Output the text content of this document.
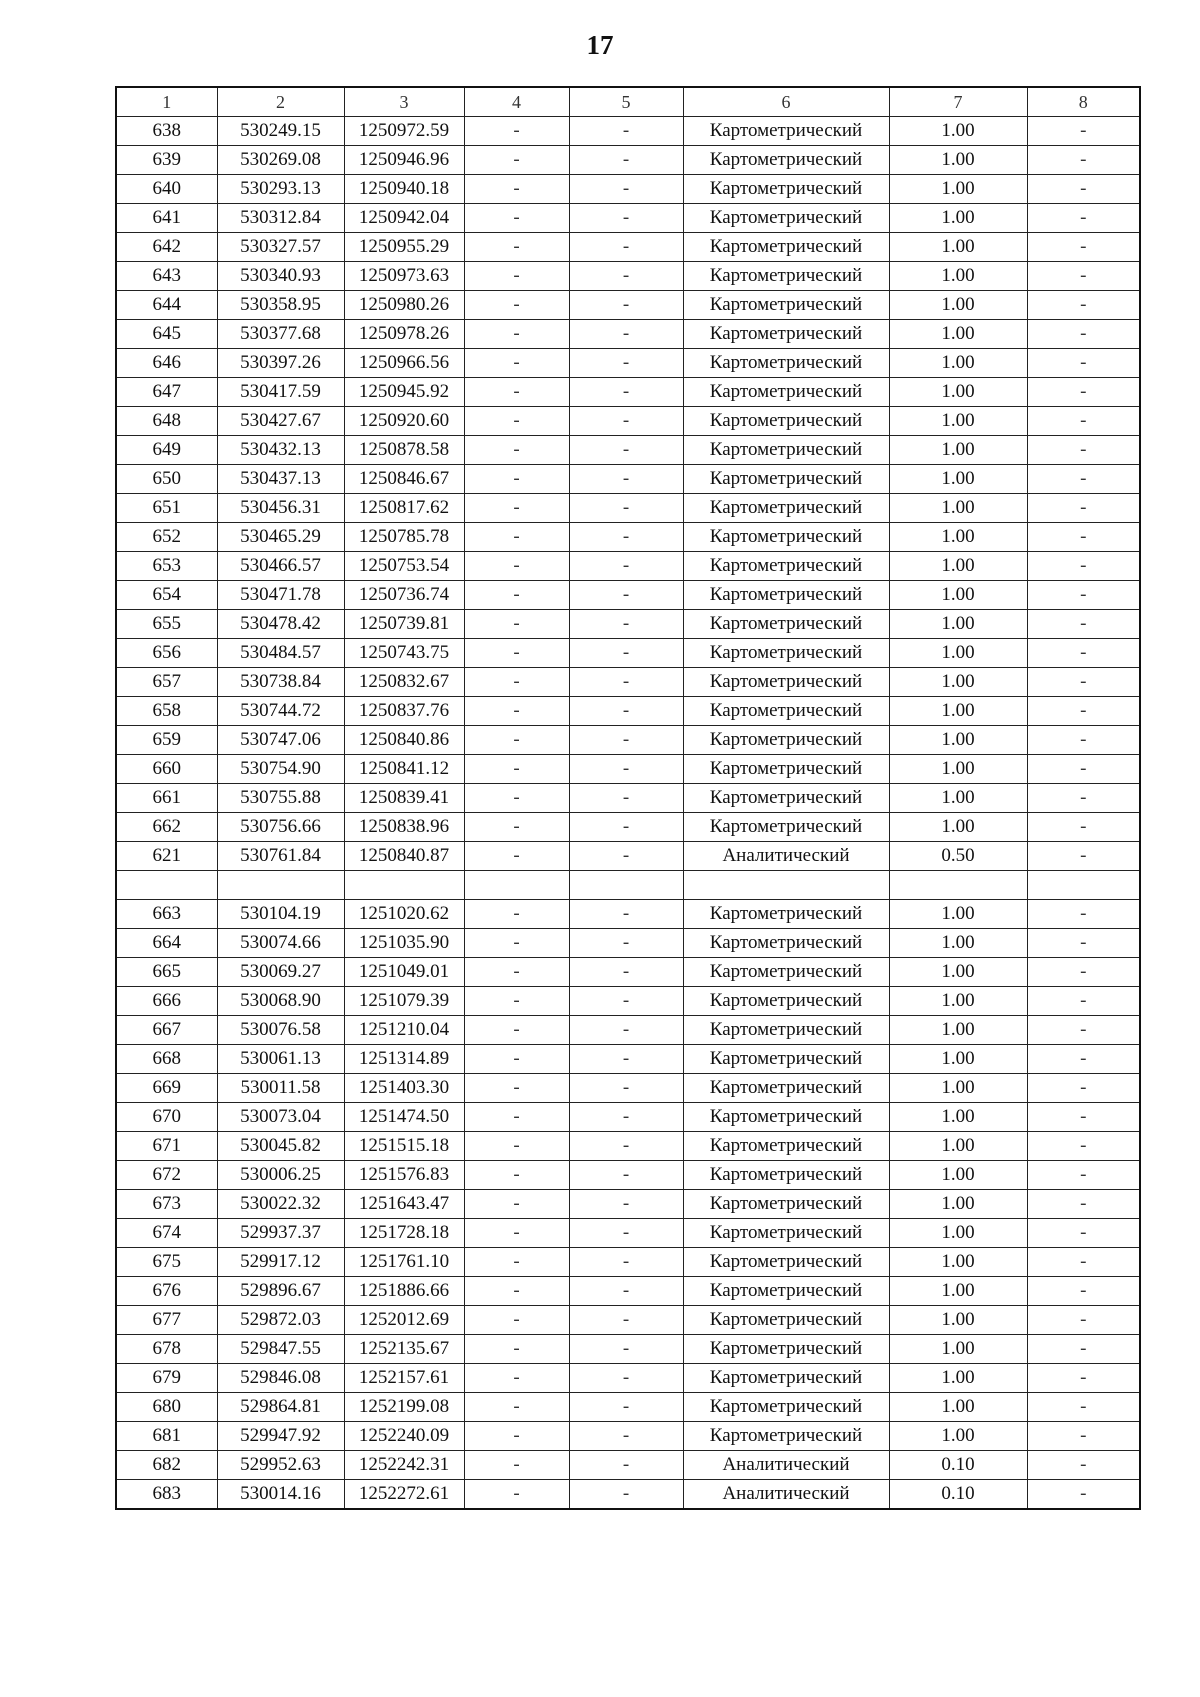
17
1	2	3	4	5	6	7	8
638	530249.15	1250972.59	-	-	Картометрический	1.00	-
639	530269.08	1250946.96	-	-	Картометрический	1.00	-
640	530293.13	1250940.18	-	-	Картометрический	1.00	-
641	530312.84	1250942.04	-	-	Картометрический	1.00	-
642	530327.57	1250955.29	-	-	Картометрический	1.00	-
643	530340.93	1250973.63	-	-	Картометрический	1.00	-
644	530358.95	1250980.26	-	-	Картометрический	1.00	-
645	530377.68	1250978.26	-	-	Картометрический	1.00	-
646	530397.26	1250966.56	-	-	Картометрический	1.00	-
647	530417.59	1250945.92	-	-	Картометрический	1.00	-
648	530427.67	1250920.60	-	-	Картометрический	1.00	-
649	530432.13	1250878.58	-	-	Картометрический	1.00	-
650	530437.13	1250846.67	-	-	Картометрический	1.00	-
651	530456.31	1250817.62	-	-	Картометрический	1.00	-
652	530465.29	1250785.78	-	-	Картометрический	1.00	-
653	530466.57	1250753.54	-	-	Картометрический	1.00	-
654	530471.78	1250736.74	-	-	Картометрический	1.00	-
655	530478.42	1250739.81	-	-	Картометрический	1.00	-
656	530484.57	1250743.75	-	-	Картометрический	1.00	-
657	530738.84	1250832.67	-	-	Картометрический	1.00	-
658	530744.72	1250837.76	-	-	Картометрический	1.00	-
659	530747.06	1250840.86	-	-	Картометрический	1.00	-
660	530754.90	1250841.12	-	-	Картометрический	1.00	-
661	530755.88	1250839.41	-	-	Картометрический	1.00	-
662	530756.66	1250838.96	-	-	Картометрический	1.00	-
621	530761.84	1250840.87	-	-	Аналитический	0.50	-

663	530104.19	1251020.62	-	-	Картометрический	1.00	-
664	530074.66	1251035.90	-	-	Картометрический	1.00	-
665	530069.27	1251049.01	-	-	Картометрический	1.00	-
666	530068.90	1251079.39	-	-	Картометрический	1.00	-
667	530076.58	1251210.04	-	-	Картометрический	1.00	-
668	530061.13	1251314.89	-	-	Картометрический	1.00	-
669	530011.58	1251403.30	-	-	Картометрический	1.00	-
670	530073.04	1251474.50	-	-	Картометрический	1.00	-
671	530045.82	1251515.18	-	-	Картометрический	1.00	-
672	530006.25	1251576.83	-	-	Картометрический	1.00	-
673	530022.32	1251643.47	-	-	Картометрический	1.00	-
674	529937.37	1251728.18	-	-	Картометрический	1.00	-
675	529917.12	1251761.10	-	-	Картометрический	1.00	-
676	529896.67	1251886.66	-	-	Картометрический	1.00	-
677	529872.03	1252012.69	-	-	Картометрический	1.00	-
678	529847.55	1252135.67	-	-	Картометрический	1.00	-
679	529846.08	1252157.61	-	-	Картометрический	1.00	-
680	529864.81	1252199.08	-	-	Картометрический	1.00	-
681	529947.92	1252240.09	-	-	Картометрический	1.00	-
682	529952.63	1252242.31	-	-	Аналитический	0.10	-
683	530014.16	1252272.61	-	-	Аналитический	0.10	-
